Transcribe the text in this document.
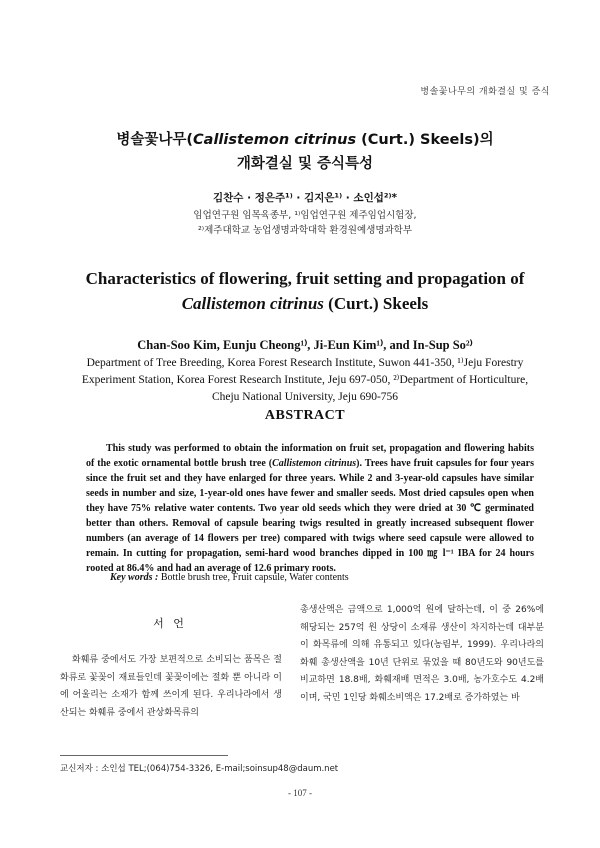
병솔꽃나무의 개화결실 및 증식
병솔꽃나무(Callistemon citrinus (Curt.) Skeels)의
개화결실 및 증식특성
김찬수 · 정은주¹⁾ · 김지은¹⁾ · 소인섭²⁾*
임업연구원 임목육종부, ¹⁾임업연구원 제주임업시험장,
²⁾제주대학교 농업생명과학대학 환경원예생명과학부
Characteristics of flowering, fruit setting and propagation of
Callistemon citrinus (Curt.) Skeels
Chan-Soo Kim, Eunju Cheong¹⁾, Ji-Eun Kim¹⁾, and In-Sup So²⁾
Department of Tree Breeding, Korea Forest Research Institute, Suwon 441-350, ¹⁾Jeju Forestry Experiment Station, Korea Forest Research Institute, Jeju 697-050, ²⁾Department of Horticulture, Cheju National University, Jeju 690-756
ABSTRACT
This study was performed to obtain the information on fruit set, propagation and flowering habits of the exotic ornamental bottle brush tree (Callistemon citrinus). Trees have fruit capsules for four years since the fruit set and they have enlarged for three years. While 2 and 3-year-old capsules have similar seeds in number and size, 1-year-old ones have fewer and smaller seeds. Most dried capsules open when they have 75% relative water contents. Two year old seeds which they were dried at 30 ℃ germinated better than others. Removal of capsule bearing twigs resulted in greatly increased subsequent flower numbers (an average of 14 flowers per tree) compared with twigs where seed capsule were allowed to remain. In cutting for propagation, semi-hard wood branches dipped in 100 ㎎ l⁻¹ IBA for 24 hours rooted at 86.4% and had an average of 12.6 primary roots.
Key words : Bottle brush tree, Fruit capsule, Water contents
서 언
화훼류 중에서도 가장 보편적으로 소비되는 품목은 절화류로 꽃꽂이 재료들인데 꽃꽂이에는 절화 뿐 아니라 이에 어울리는 소재가 함께 쓰이게 된다. 우리나라에서 생산되는 화훼류 중에서 관상화목류의
총생산액은 금액으로 1,000억 원에 달하는데, 이 중 26%에 해당되는 257억 원 상당이 소재류 생산이 차지하는데 대부분이 화목류에 의해 유통되고 있다(농림부, 1999). 우리나라의 화훼 총생산액을 10년 단위로 묶었을 때 80년도와 90년도를 비교하면 18.8배, 화훼재배 면적은 3.0배, 농가호수도 4.2배이며, 국민 1인당 화훼소비액은 17.2배로 증가하였는 바
교신저자 : 소인섭 TEL;(064)754-3326, E-mail;soinsup48@daum.net
- 107 -
